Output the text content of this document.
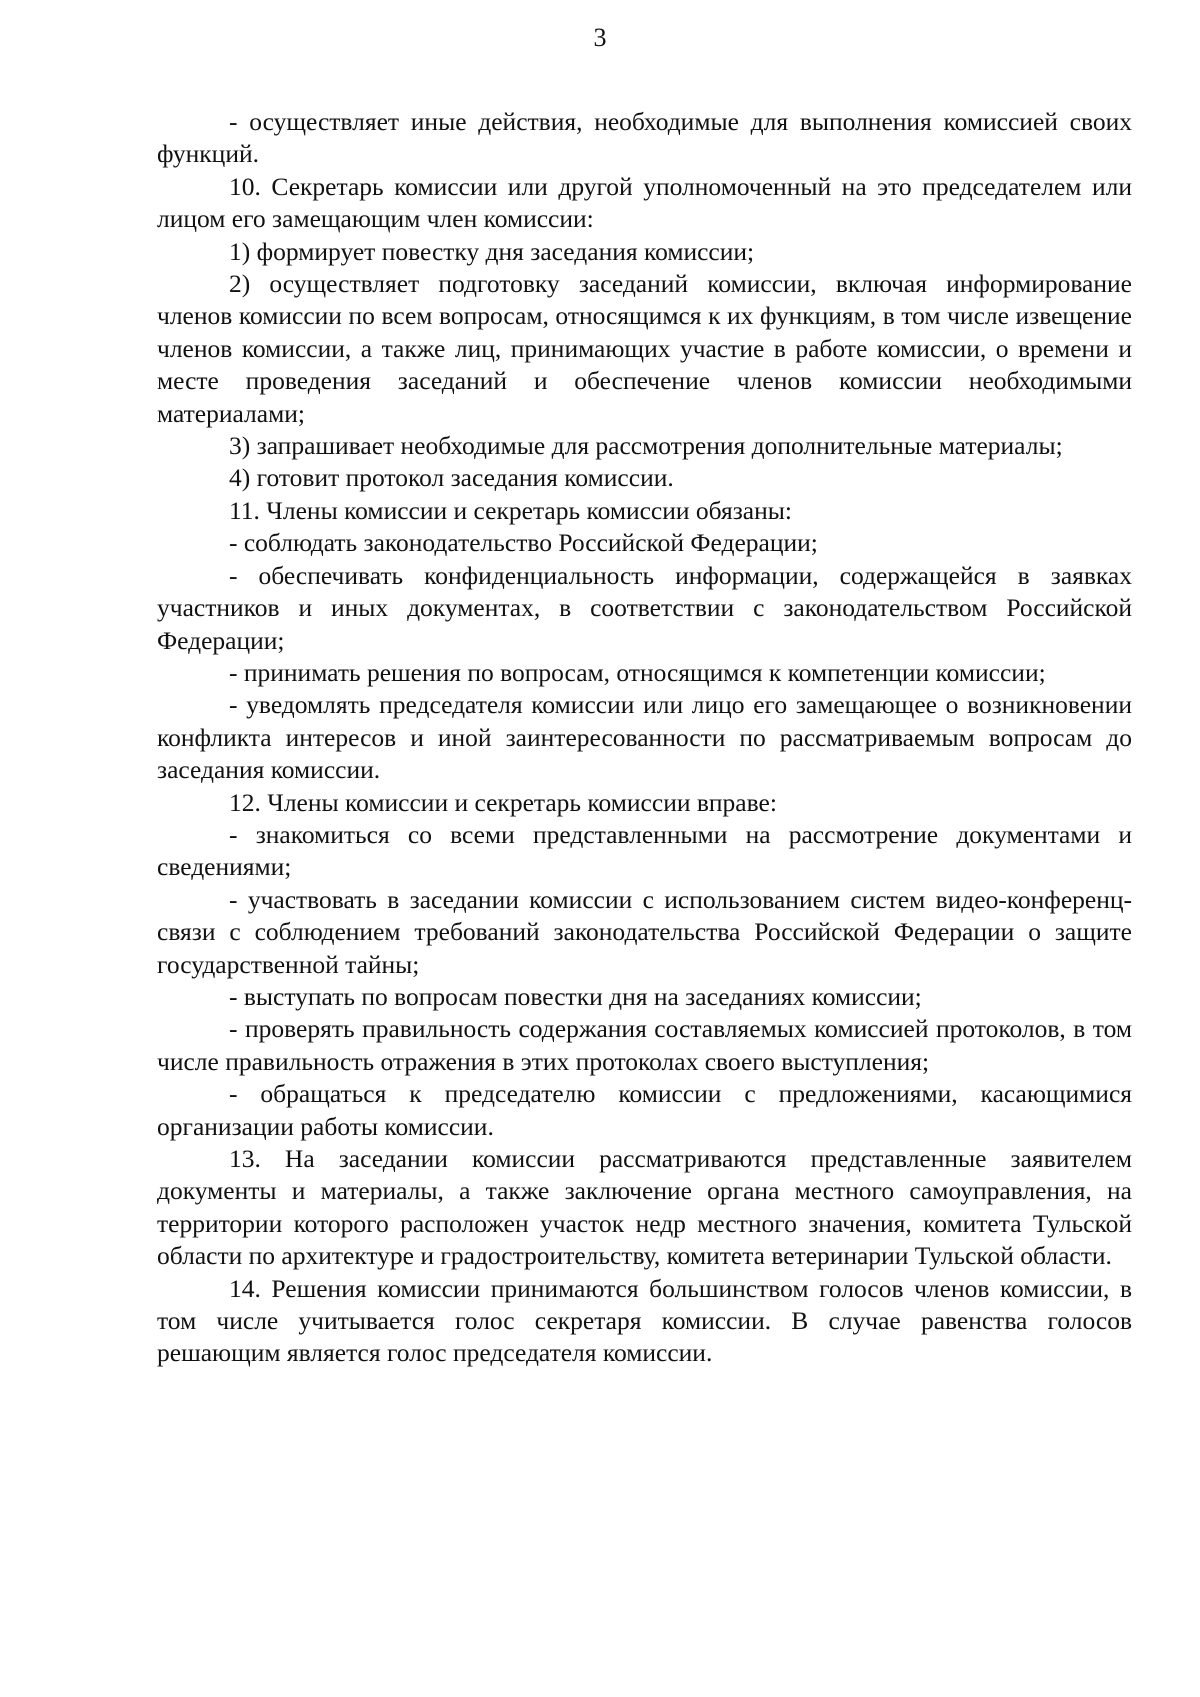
3

- осуществляет иные действия, необходимые для выполнения комиссией своих функций.

10. Секретарь комиссии или другой уполномоченный на это председателем или лицом его замещающим член комиссии:

1) формирует повестку дня заседания комиссии;

2) осуществляет подготовку заседаний комиссии, включая информирование членов комиссии по всем вопросам, относящимся к их функциям, в том числе извещение членов комиссии, а также лиц, принимающих участие в работе комиссии, о времени и месте проведения заседаний и обеспечение членов комиссии необходимыми материалами;

3) запрашивает необходимые для рассмотрения дополнительные материалы;

4) готовит протокол заседания комиссии.

11. Члены комиссии и секретарь комиссии обязаны:

- соблюдать законодательство Российской Федерации;

- обеспечивать конфиденциальность информации, содержащейся в заявках участников и иных документах, в соответствии с законодательством Российской Федерации;

- принимать решения по вопросам, относящимся к компетенции комиссии;

- уведомлять председателя комиссии или лицо его замещающее о возникновении конфликта интересов и иной заинтересованности по рассматриваемым вопросам до заседания комиссии.

12. Члены комиссии и секретарь комиссии вправе:

- знакомиться со всеми представленными на рассмотрение документами и сведениями;

- участвовать в заседании комиссии с использованием систем видео-конференц-связи с соблюдением требований законодательства Российской Федерации о защите государственной тайны;

- выступать по вопросам повестки дня на заседаниях комиссии;

- проверять правильность содержания составляемых комиссией протоколов, в том числе правильность отражения в этих протоколах своего выступления;

- обращаться к председателю комиссии с предложениями, касающимися организации работы комиссии.

13. На заседании комиссии рассматриваются представленные заявителем документы и материалы, а также заключение органа местного самоуправления, на территории которого расположен участок недр местного значения, комитета Тульской области по архитектуре и градостроительству, комитета ветеринарии Тульской области.

14. Решения комиссии принимаются большинством голосов членов комиссии, в том числе учитывается голос секретаря комиссии. В случае равенства голосов решающим является голос председателя комиссии.
